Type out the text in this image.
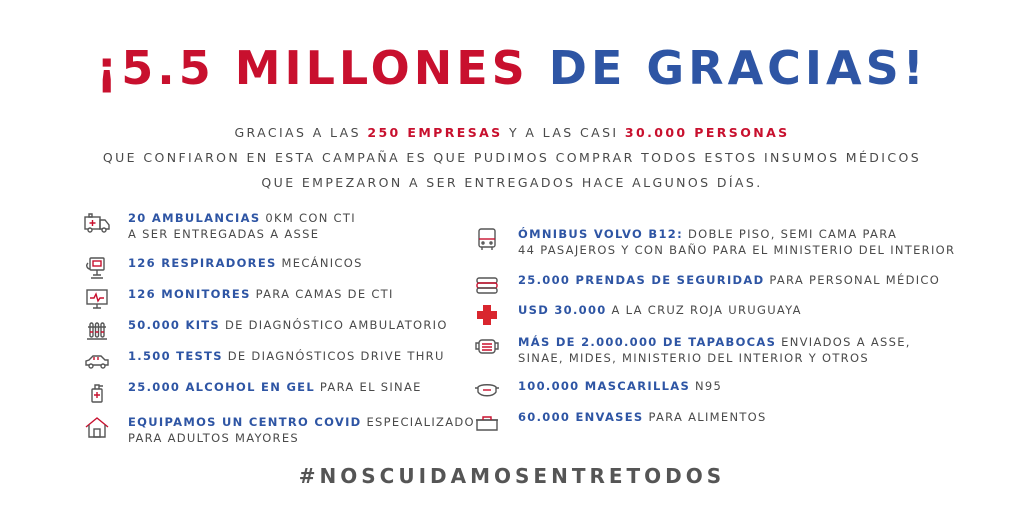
¡5.5 MILLONES DE GRACIAS!
GRACIAS A LAS 250 EMPRESAS Y A LAS CASI 30.000 PERSONAS
QUE CONFIARON EN ESTA CAMPAÑA ES QUE PUDIMOS COMPRAR TODOS ESTOS INSUMOS MÉDICOS
QUE EMPEZARON A SER ENTREGADOS HACE ALGUNOS DÍAS.
20 AMBULANCIAS 0KM CON CTI
A SER ENTREGADAS A ASSE
126 RESPIRADORES MECÁNICOS
126 MONITORES PARA CAMAS DE CTI
50.000 KITS DE DIAGNÓSTICO AMBULATORIO
1.500 TESTS DE DIAGNÓSTICOS DRIVE THRU
25.000 ALCOHOL EN GEL PARA EL SINAE
EQUIPAMOS UN CENTRO COVID ESPECIALIZADO
PARA ADULTOS MAYORES
ÓMNIBUS VOLVO B12: DOBLE PISO, SEMI CAMA PARA
44 PASAJEROS Y CON BAÑO PARA EL MINISTERIO DEL INTERIOR
25.000 PRENDAS DE SEGURIDAD PARA PERSONAL MÉDICO
USD 30.000 A LA CRUZ ROJA URUGUAYA
MÁS DE 2.000.000 DE TAPABOCAS ENVIADOS A ASSE,
SINAE, MIDES, MINISTERIO DEL INTERIOR Y OTROS
100.000 MASCARILLAS N95
60.000 ENVASES PARA ALIMENTOS
#NOSCUIDAMOSENTRETODOS
